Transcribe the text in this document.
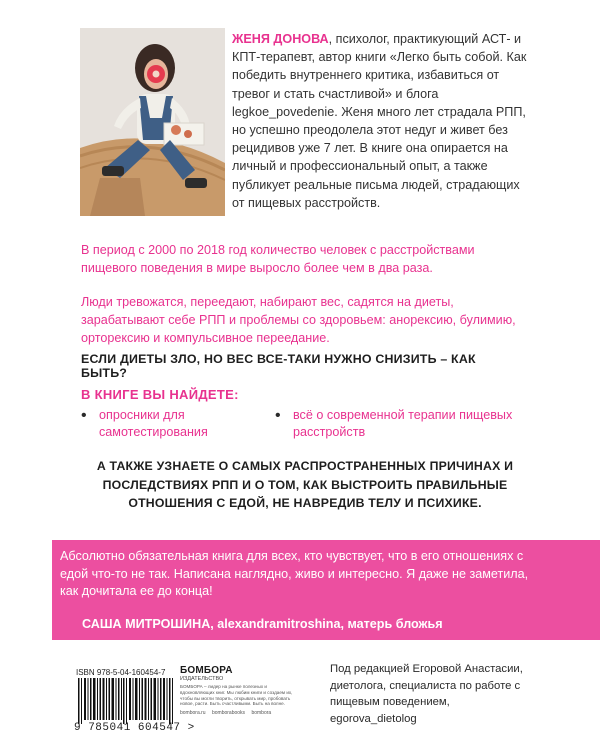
ЖЕНЯ ДОНОВА, психолог, практикующий АСТ- и КПТ-терапевт, автор книги «Легко быть собой. Как победить внутреннего критика, избавиться от тревог и стать счастливой» и блога legkoe_povedenie. Женя много лет страдала РПП, но успешно преодолела этот недуг и живет без рецидивов уже 7 лет. В книге она опирается на личный и профессиональный опыт, а также публикует реальные письма людей, страдающих от пищевых расстройств.
В период с 2000 по 2018 год количество человек с расстройствами пищевого поведения в мире выросло более чем в два раза.
Люди тревожатся, переедают, набирают вес, садятся на диеты, зарабатывают себе РПП и проблемы со здоровьем: анорексию, булимию, орторексию и компульсивное переедание.
ЕСЛИ ДИЕТЫ ЗЛО, НО ВЕС ВСЕ-ТАКИ НУЖНО СНИЗИТЬ – КАК БЫТЬ?
В КНИГЕ ВЫ НАЙДЕТЕ:
• опросники для самотестирования
• всё о современной терапии пищевых расстройств
А ТАКЖЕ УЗНАЕТЕ О САМЫХ РАСПРОСТРАНЕННЫХ ПРИЧИНАХ И ПОСЛЕДСТВИЯХ РПП И О ТОМ, КАК ВЫСТРОИТЬ ПРАВИЛЬНЫЕ ОТНОШЕНИЯ С ЕДОЙ, НЕ НАВРЕДИВ ТЕЛУ И ПСИХИКЕ.
Абсолютно обязательная книга для всех, кто чувствует, что в его отношениях с едой что-то не так. Написана наглядно, живо и интересно. Я даже не заметила, как дочитала ее до конца!
САША МИТРОШИНА, alexandramitroshina, матерь бложья
ISBN 978-5-04-160454-7
9 785041 604547 >
БОМБОРА
ИЗДАТЕЛЬСТВО
БОМБОРА – лидер на рынке полезных и вдохновляющих книг. Мы любим книги и создаем их, чтобы вы могли творить, открывать мир, пробовать новое, расти. Быть счастливыми. Быть на волне.
bombora.ru bomborabooks bombora
Под редакцией Егоровой Анастасии, диетолога, специалиста по работе с пищевым поведением, egorova_dietolog
